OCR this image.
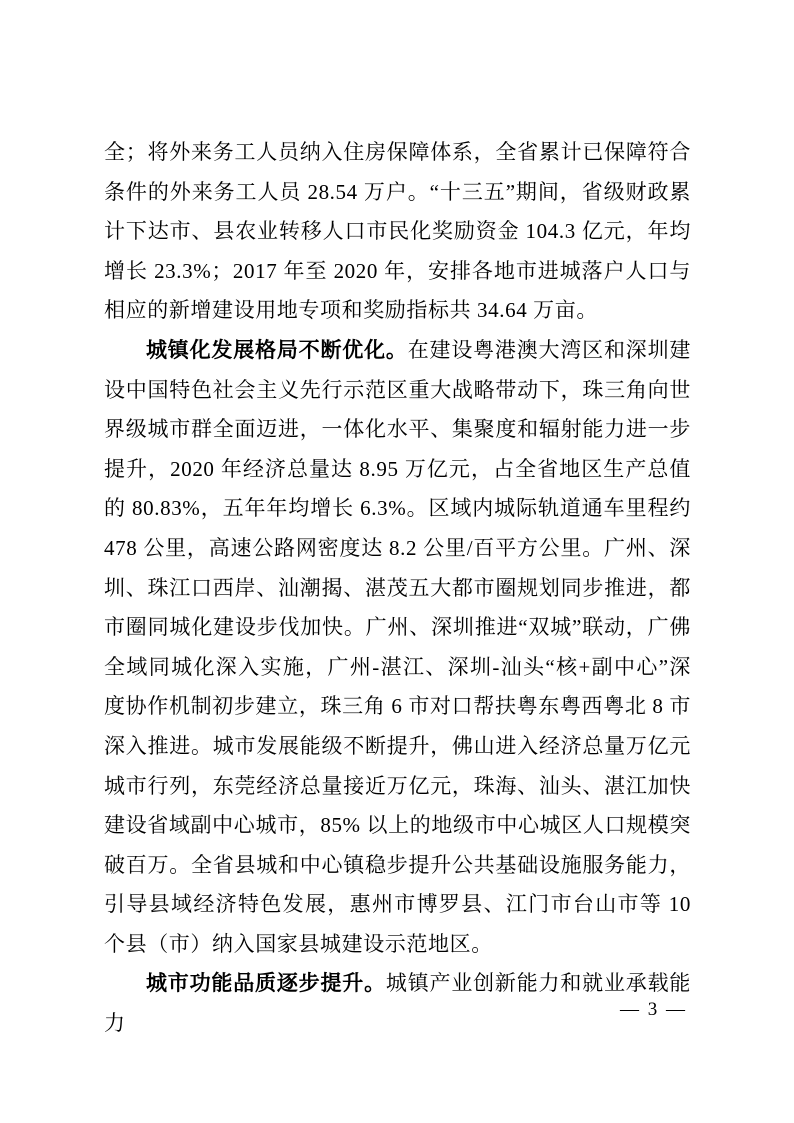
全；将外来务工人员纳入住房保障体系，全省累计已保障符合条件的外来务工人员 28.54 万户。“十三五”期间，省级财政累计下达市、县农业转移人口市民化奖励资金 104.3 亿元，年均增长 23.3%；2017 年至 2020 年，安排各地市进城落户人口与相应的新增建设用地专项和奖励指标共 34.64 万亩。

城镇化发展格局不断优化。在建设粤港澳大湾区和深圳建设中国特色社会主义先行示范区重大战略带动下，珠三角向世界级城市群全面迈进，一体化水平、集聚度和辐射能力进一步提升，2020 年经济总量达 8.95 万亿元，占全省地区生产总值的 80.83%，五年年均增长 6.3%。区域内城际轨道通车里程约 478 公里，高速公路网密度达 8.2 公里/百平方公里。广州、深圳、珠江口西岸、汕潮揭、湛茂五大都市圈规划同步推进，都市圈同城化建设步伐加快。广州、深圳推进“双城”联动，广佛全域同城化深入实施，广州-湛江、深圳-汕头“核+副中心”深度协作机制初步建立，珠三角 6 市对口帮扶粤东粤西粤北 8 市深入推进。城市发展能级不断提升，佛山进入经济总量万亿元城市行列，东莞经济总量接近万亿元，珠海、汕头、湛江加快建设省域副中心城市，85% 以上的地级市中心城区人口规模突破百万。全省县城和中心镇稳步提升公共基础设施服务能力，引导县域经济特色发展，惠州市博罗县、江门市台山市等 10 个县（市）纳入国家县城建设示范地区。

城市功能品质逐步提升。城镇产业创新能力和就业承载能力

— 3 —
